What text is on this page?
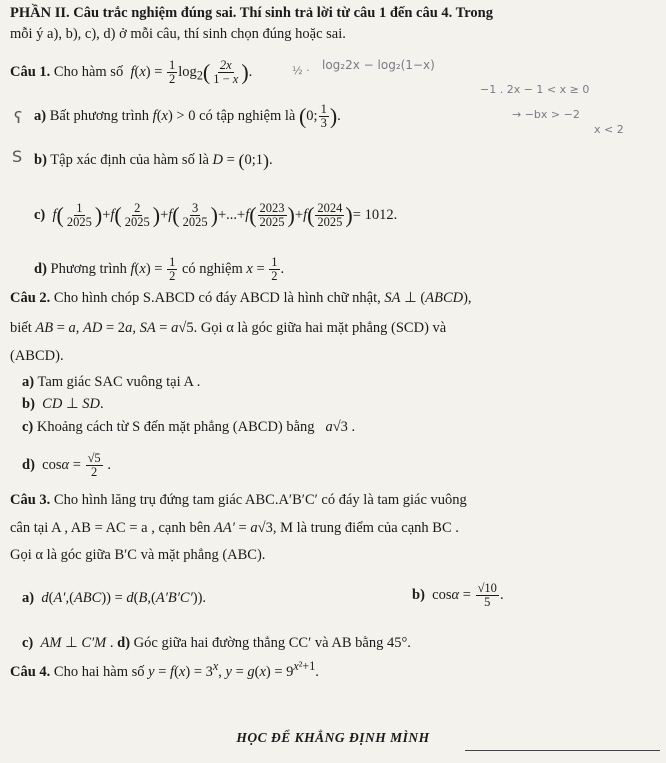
PHẦN II. Câu trắc nghiệm đúng sai. Thí sinh trả lời từ câu 1 đến câu 4. Trong
mỗi ý a), b), c), d) ở mỗi câu, thí sinh chọn đúng hoặc sai.
Câu 1. Cho hàm số  $f(x) = \frac{1}{2} \log_2( \frac{2x}{1 - x}$ ).	log₂2x − log₂(1−x)
½ ·
−1 . 2x − 1 < x ≥ 0
ʕ a) Bất phương trình f(x) > 0 có tập nghiệm là (0; $\frac{1}{3}$ ).	→ −bx > −2
x < 2
S b) Tập xác định của hàm số là D = (0;1).
c)  $f( \frac{1}{2025} )+f( \frac{2}{2025} )+f( \frac{3}{2025} )+...+f( \frac{2023}{2025} )+f( \frac{2024}{2025}$ )= 1012.
d) Phương trình $f(x) = \frac{1}{2}$ có nghiệm $x = \frac{1}{2}$ .
Câu 2. Cho hình chóp S.ABCD có đáy ABCD là hình chữ nhật, SA ⊥ (ABCD),
biết AB = a, AD = 2a, SA = a√5. Gọi α là góc giữa hai mặt phẳng (SCD) và
(ABCD).
a) Tam giác SAC vuông tại A .
b)  CD ⊥ SD.
c) Khoảng cách từ S đến mặt phẳng (ABCD) bằng a√3 .
d)  $\cos\alpha = \frac{√5}{2}$ .
Câu 3. Cho hình lăng trụ đứng tam giác ABC.A′B′C′ có đáy là tam giác vuông
cân tại A , AB = AC = a , cạnh bên AA′ = a√3, M là trung điểm của cạnh BC .
Gọi α là góc giữa B′C và mặt phẳng (ABC).
a) d(A′,(ABC)) = d(B,(A′B′C′)).	b)  $\cos\alpha = \frac{√10}{5}$ .
c) AM ⊥ C′M . d) Góc giữa hai đường thẳng CC′ và AB bằng 45°.
Câu 4. Cho hai hàm số $y = f(x) = 3^x$, $y = g(x) = 9^{x^2+1}$.
HỌC ĐỂ KHẲNG ĐỊNH MÌNH
